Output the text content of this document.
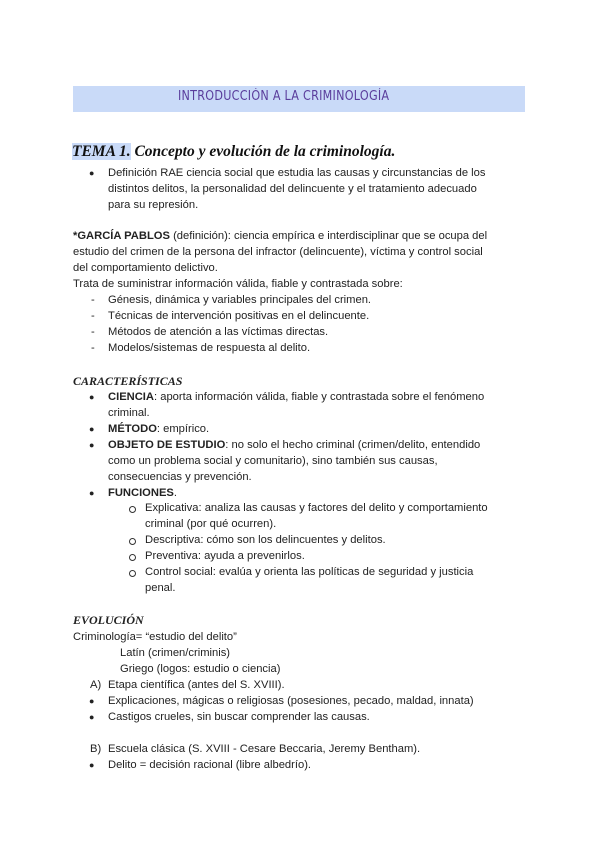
INTRODUCCIÓN A LA CRIMINOLOGÍA
TEMA 1. Concepto y evolución de la criminología.
● Definición RAE ciencia social que estudia las causas y circunstancias de los
distintos delitos, la personalidad del delincuente y el tratamiento adecuado
para su represión.
*GARCÍA PABLOS (definición): ciencia empírica e interdisciplinar que se ocupa del
estudio del crimen de la persona del infractor (delincuente), víctima y control social
del comportamiento delictivo.
Trata de suministrar información válida, fiable y contrastada sobre:
- Génesis, dinámica y variables principales del crimen.
- Técnicas de intervención positivas en el delincuente.
- Métodos de atención a las víctimas directas.
- Modelos/sistemas de respuesta al delito.
CARACTERÍSTICAS
● CIENCIA: aporta información válida, fiable y contrastada sobre el fenómeno
criminal.
● MÉTODO: empírico.
● OBJETO DE ESTUDIO: no solo el hecho criminal (crimen/delito, entendido
como un problema social y comunitario), sino también sus causas,
consecuencias y prevención.
● FUNCIONES.
Explicativa: analiza las causas y factores del delito y comportamiento
criminal (por qué ocurren).
Descriptiva: cómo son los delincuentes y delitos.
Preventiva: ayuda a prevenirlos.
Control social: evalúa y orienta las políticas de seguridad y justicia
penal.
EVOLUCIÓN
Criminología= “estudio del delito”
Latín (crimen/criminis)
Griego (logos: estudio o ciencia)
A) Etapa científica (antes del S. XVIII).
● Explicaciones, mágicas o religiosas (posesiones, pecado, maldad, innata)
● Castigos crueles, sin buscar comprender las causas.
B) Escuela clásica (S. XVIII - Cesare Beccaria, Jeremy Bentham).
● Delito = decisión racional (libre albedrío).
